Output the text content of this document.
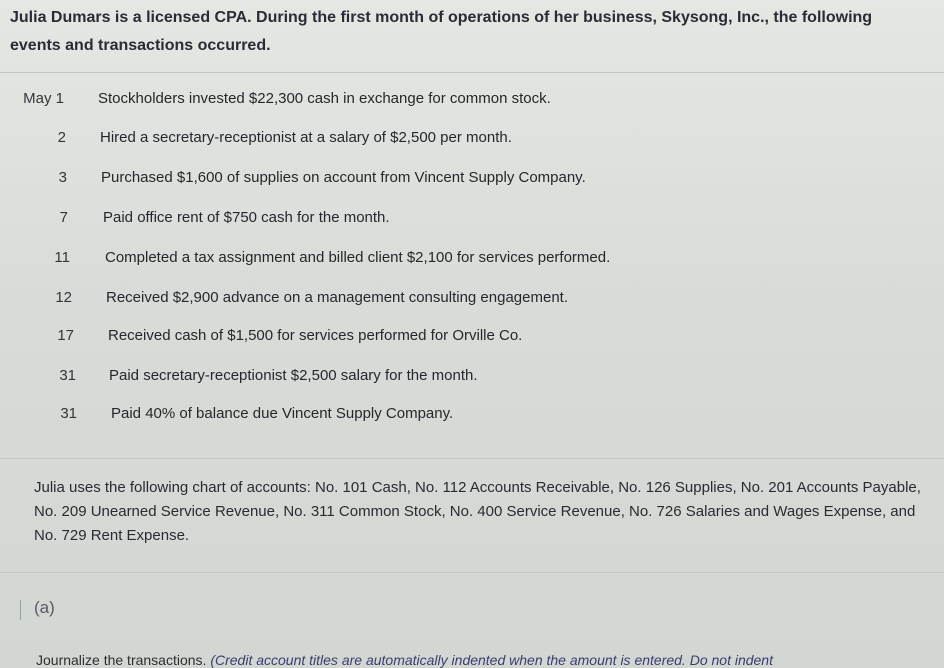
Julia Dumars is a licensed CPA. During the first month of operations of her business, Skysong, Inc., the following events and transactions occurred.

May 1 Stockholders invested $22,300 cash in exchange for common stock.
2 Hired a secretary-receptionist at a salary of $2,500 per month.
3 Purchased $1,600 of supplies on account from Vincent Supply Company.
7 Paid office rent of $750 cash for the month.
11 Completed a tax assignment and billed client $2,100 for services performed.
12 Received $2,900 advance on a management consulting engagement.
17 Received cash of $1,500 for services performed for Orville Co.
31 Paid secretary-receptionist $2,500 salary for the month.
31 Paid 40% of balance due Vincent Supply Company.

Julia uses the following chart of accounts: No. 101 Cash, No. 112 Accounts Receivable, No. 126 Supplies, No. 201 Accounts Payable, No. 209 Unearned Service Revenue, No. 311 Common Stock, No. 400 Service Revenue, No. 726 Salaries and Wages Expense, and No. 729 Rent Expense.

(a)
Journalize the transactions. (Credit account titles are automatically indented when the amount is entered. Do not indent
